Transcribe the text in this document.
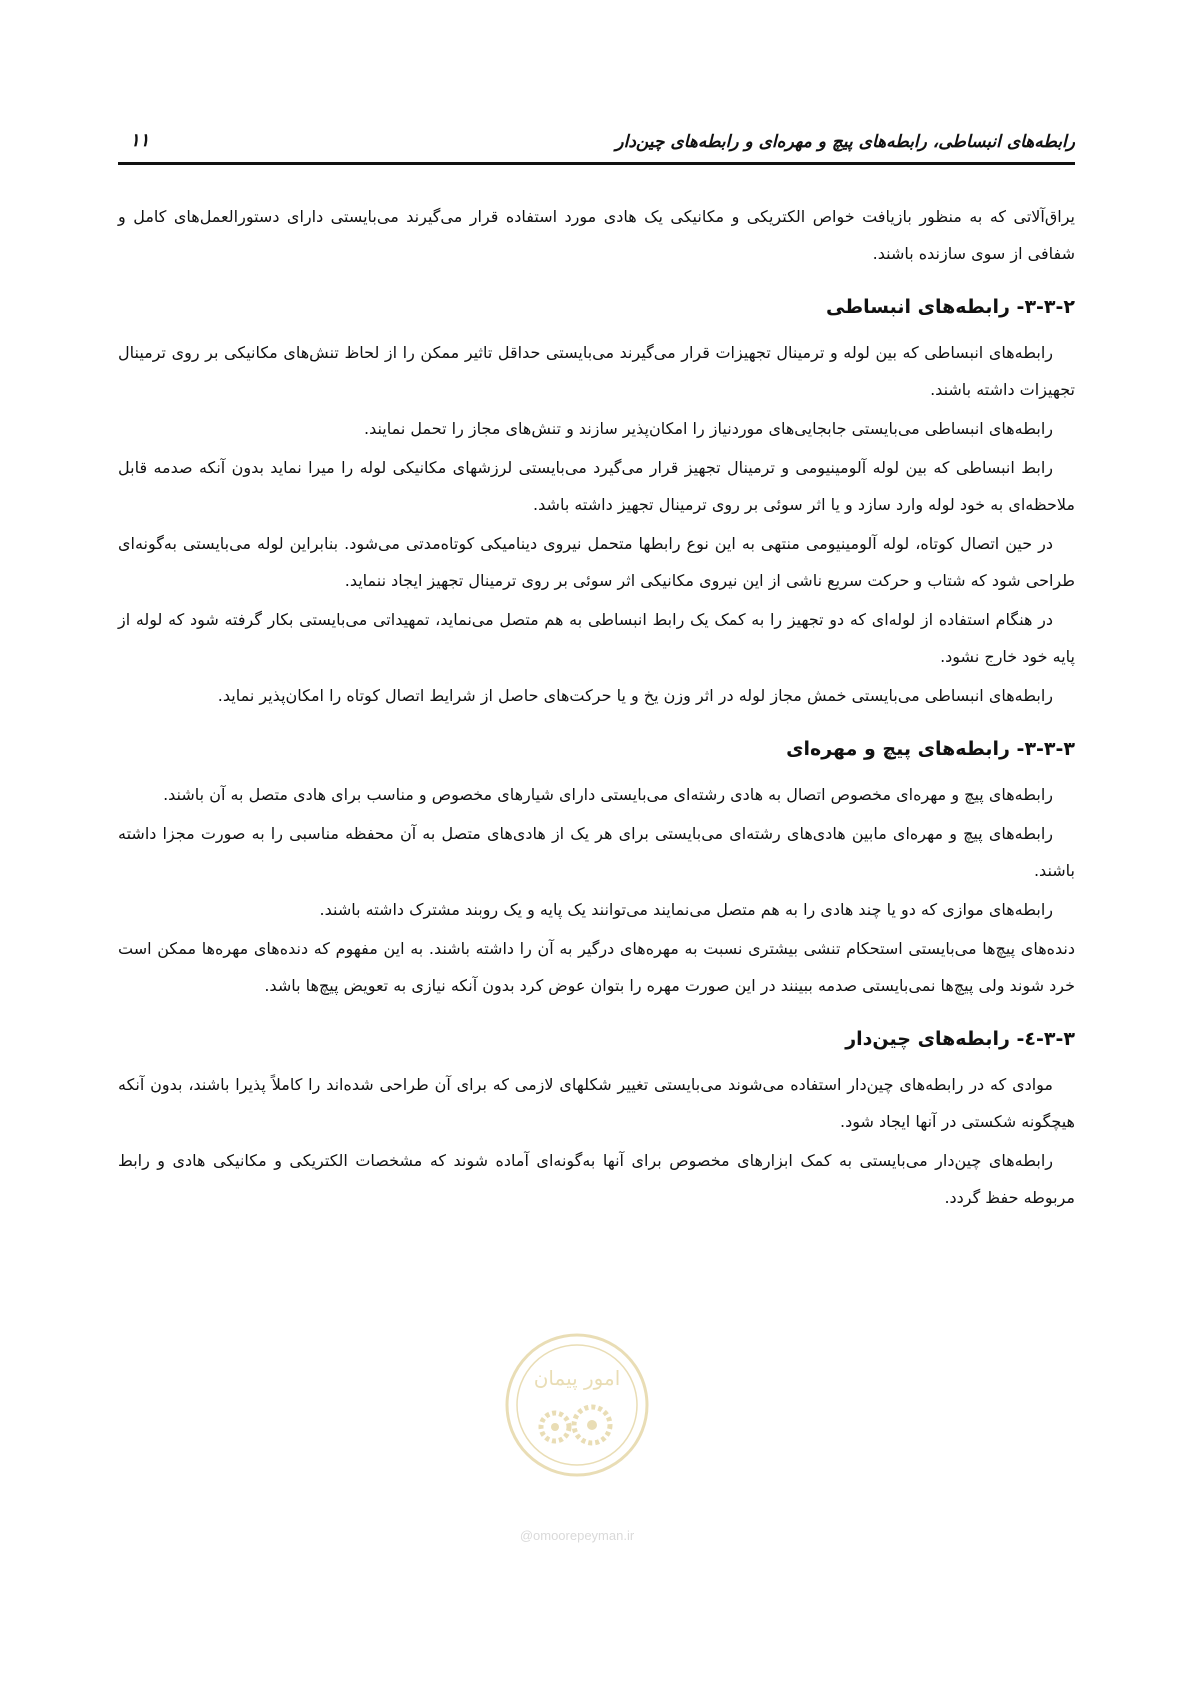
رابطه‌های انبساطی، رابطه‌های پیچ و مهره‌ای و رابطه‌های چین‌دار
۱۱

یراق‌آلاتی که به منظور بازیافت خواص الکتریکی و مکانیکی یک هادی مورد استفاده قرار می‌گیرند می‌بایستی دارای دستورالعمل‌های کامل و شفافی از سوی سازنده باشند.

۳-۳-۲- رابطه‌های انبساطی

رابطه‌های انبساطی که بین لوله و ترمینال تجهیزات قرار می‌گیرند می‌بایستی حداقل تاثیر ممکن را از لحاظ تنش‌های مکانیکی بر روی ترمینال تجهیزات داشته باشند.

رابطه‌های انبساطی می‌بایستی جابجایی‌های موردنیاز را امکان‌پذیر سازند و تنش‌های مجاز را تحمل نمایند.

رابط انبساطی که بین لوله آلومینیومی و ترمینال تجهیز قرار می‌گیرد می‌بایستی لرزشهای مکانیکی لوله را میرا نماید بدون آنکه صدمه قابل ملاحظه‌ای به خود لوله وارد سازد و یا اثر سوئی بر روی ترمینال تجهیز داشته باشد.

در حین اتصال کوتاه، لوله آلومینیومی منتهی به این نوع رابطها متحمل نیروی دینامیکی کوتاه‌مدتی می‌شود. بنابراین لوله می‌بایستی به‌گونه‌ای طراحی شود که شتاب و حرکت سریع ناشی از این نیروی مکانیکی اثر سوئی بر روی ترمینال تجهیز ایجاد ننماید.

در هنگام استفاده از لوله‌ای که دو تجهیز را به کمک یک رابط انبساطی به هم متصل می‌نماید، تمهیداتی می‌بایستی بکار گرفته شود که لوله از پایه خود خارج نشود.

رابطه‌های انبساطی می‌بایستی خمش مجاز لوله در اثر وزن یخ و یا حرکت‌های حاصل از شرایط اتصال کوتاه را امکان‌پذیر نماید.

۳-۳-۳- رابطه‌های پیچ و مهره‌ای

رابطه‌های پیچ و مهره‌ای مخصوص اتصال به هادی رشته‌ای می‌بایستی دارای شیارهای مخصوص و مناسب برای هادی متصل به آن باشند.

رابطه‌های پیچ و مهره‌ای مابین هادی‌های رشته‌ای می‌بایستی برای هر یک از هادی‌های متصل به آن محفظه مناسبی را به صورت مجزا داشته باشند.

رابطه‌های موازی که دو یا چند هادی را به هم متصل می‌نمایند می‌توانند یک پایه و یک روبند مشترک داشته باشند.

دنده‌های پیچ‌ها می‌بایستی استحکام تنشی بیشتری نسبت به مهره‌های درگیر به آن را داشته باشند. به این مفهوم که دنده‌های مهره‌ها ممکن است خرد شوند ولی پیچ‌ها نمی‌بایستی صدمه ببینند در این صورت مهره را بتوان عوض کرد بدون آنکه نیازی به تعویض پیچ‌ها باشد.

۳-۳-٤- رابطه‌های چین‌دار

موادی که در رابطه‌های چین‌دار استفاده می‌شوند می‌بایستی تغییر شکلهای لازمی که برای آن طراحی شده‌اند را کاملاً پذیرا باشند، بدون آنکه هیچگونه شکستی در آنها ایجاد شود.

رابطه‌های چین‌دار می‌بایستی به کمک ابزارهای مخصوص برای آنها به‌گونه‌ای آماده شوند که مشخصات الکتریکی و مکانیکی هادی و رابط مربوطه حفظ گردد.

امور پیمان
@omoorepeyman.ir
